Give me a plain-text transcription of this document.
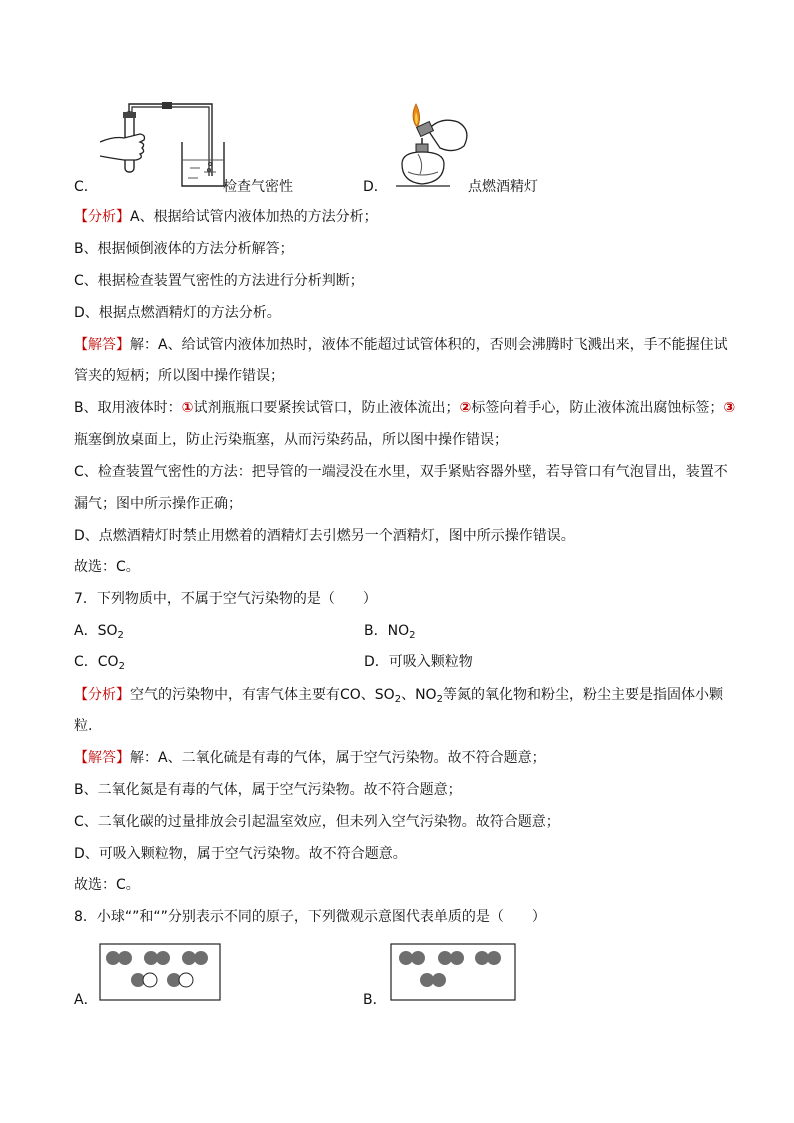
C．	检查气密性	D．	点燃酒精灯
【分析】A、根据给试管内液体加热的方法分析；
B、根据倾倒液体的方法分析解答；
C、根据检查装置气密性的方法进行分析判断；
D、根据点燃酒精灯的方法分析。
【解答】解：A、给试管内液体加热时，液体不能超过试管体积的，否则会沸腾时飞溅出来，手不能握住试
管夹的短柄；所以图中操作错误；
B、取用液体时：①试剂瓶瓶口要紧挨试管口，防止液体流出；②标签向着手心，防止液体流出腐蚀标签；③
瓶塞倒放桌面上，防止污染瓶塞，从而污染药品，所以图中操作错误；
C、检查装置气密性的方法：把导管的一端浸没在水里，双手紧贴容器外壁，若导管口有气泡冒出，装置不
漏气；图中所示操作正确；
D、点燃酒精灯时禁止用燃着的酒精灯去引燃另一个酒精灯，图中所示操作错误。
故选：C。
7．下列物质中，不属于空气污染物的是（　　）
A．$SO_2$	B．$NO_2$
C．$CO_2$	D．可吸入颗粒物
【分析】空气的污染物中，有害气体主要有CO、$SO_2$、$NO_2$等氮的氧化物和粉尘，粉尘主要是指固体小颗
粒.
【解答】解：A、二氧化硫是有毒的气体，属于空气污染物。故不符合题意；
B、二氧化氮是有毒的气体，属于空气污染物。故不符合题意；
C、二氧化碳的过量排放会引起温室效应，但未列入空气污染物。故符合题意；
D、可吸入颗粒物，属于空气污染物。故不符合题意。
故选：C。
8．小球“”和“”分别表示不同的原子，下列微观示意图代表单质的是（　　）
A．	B．
